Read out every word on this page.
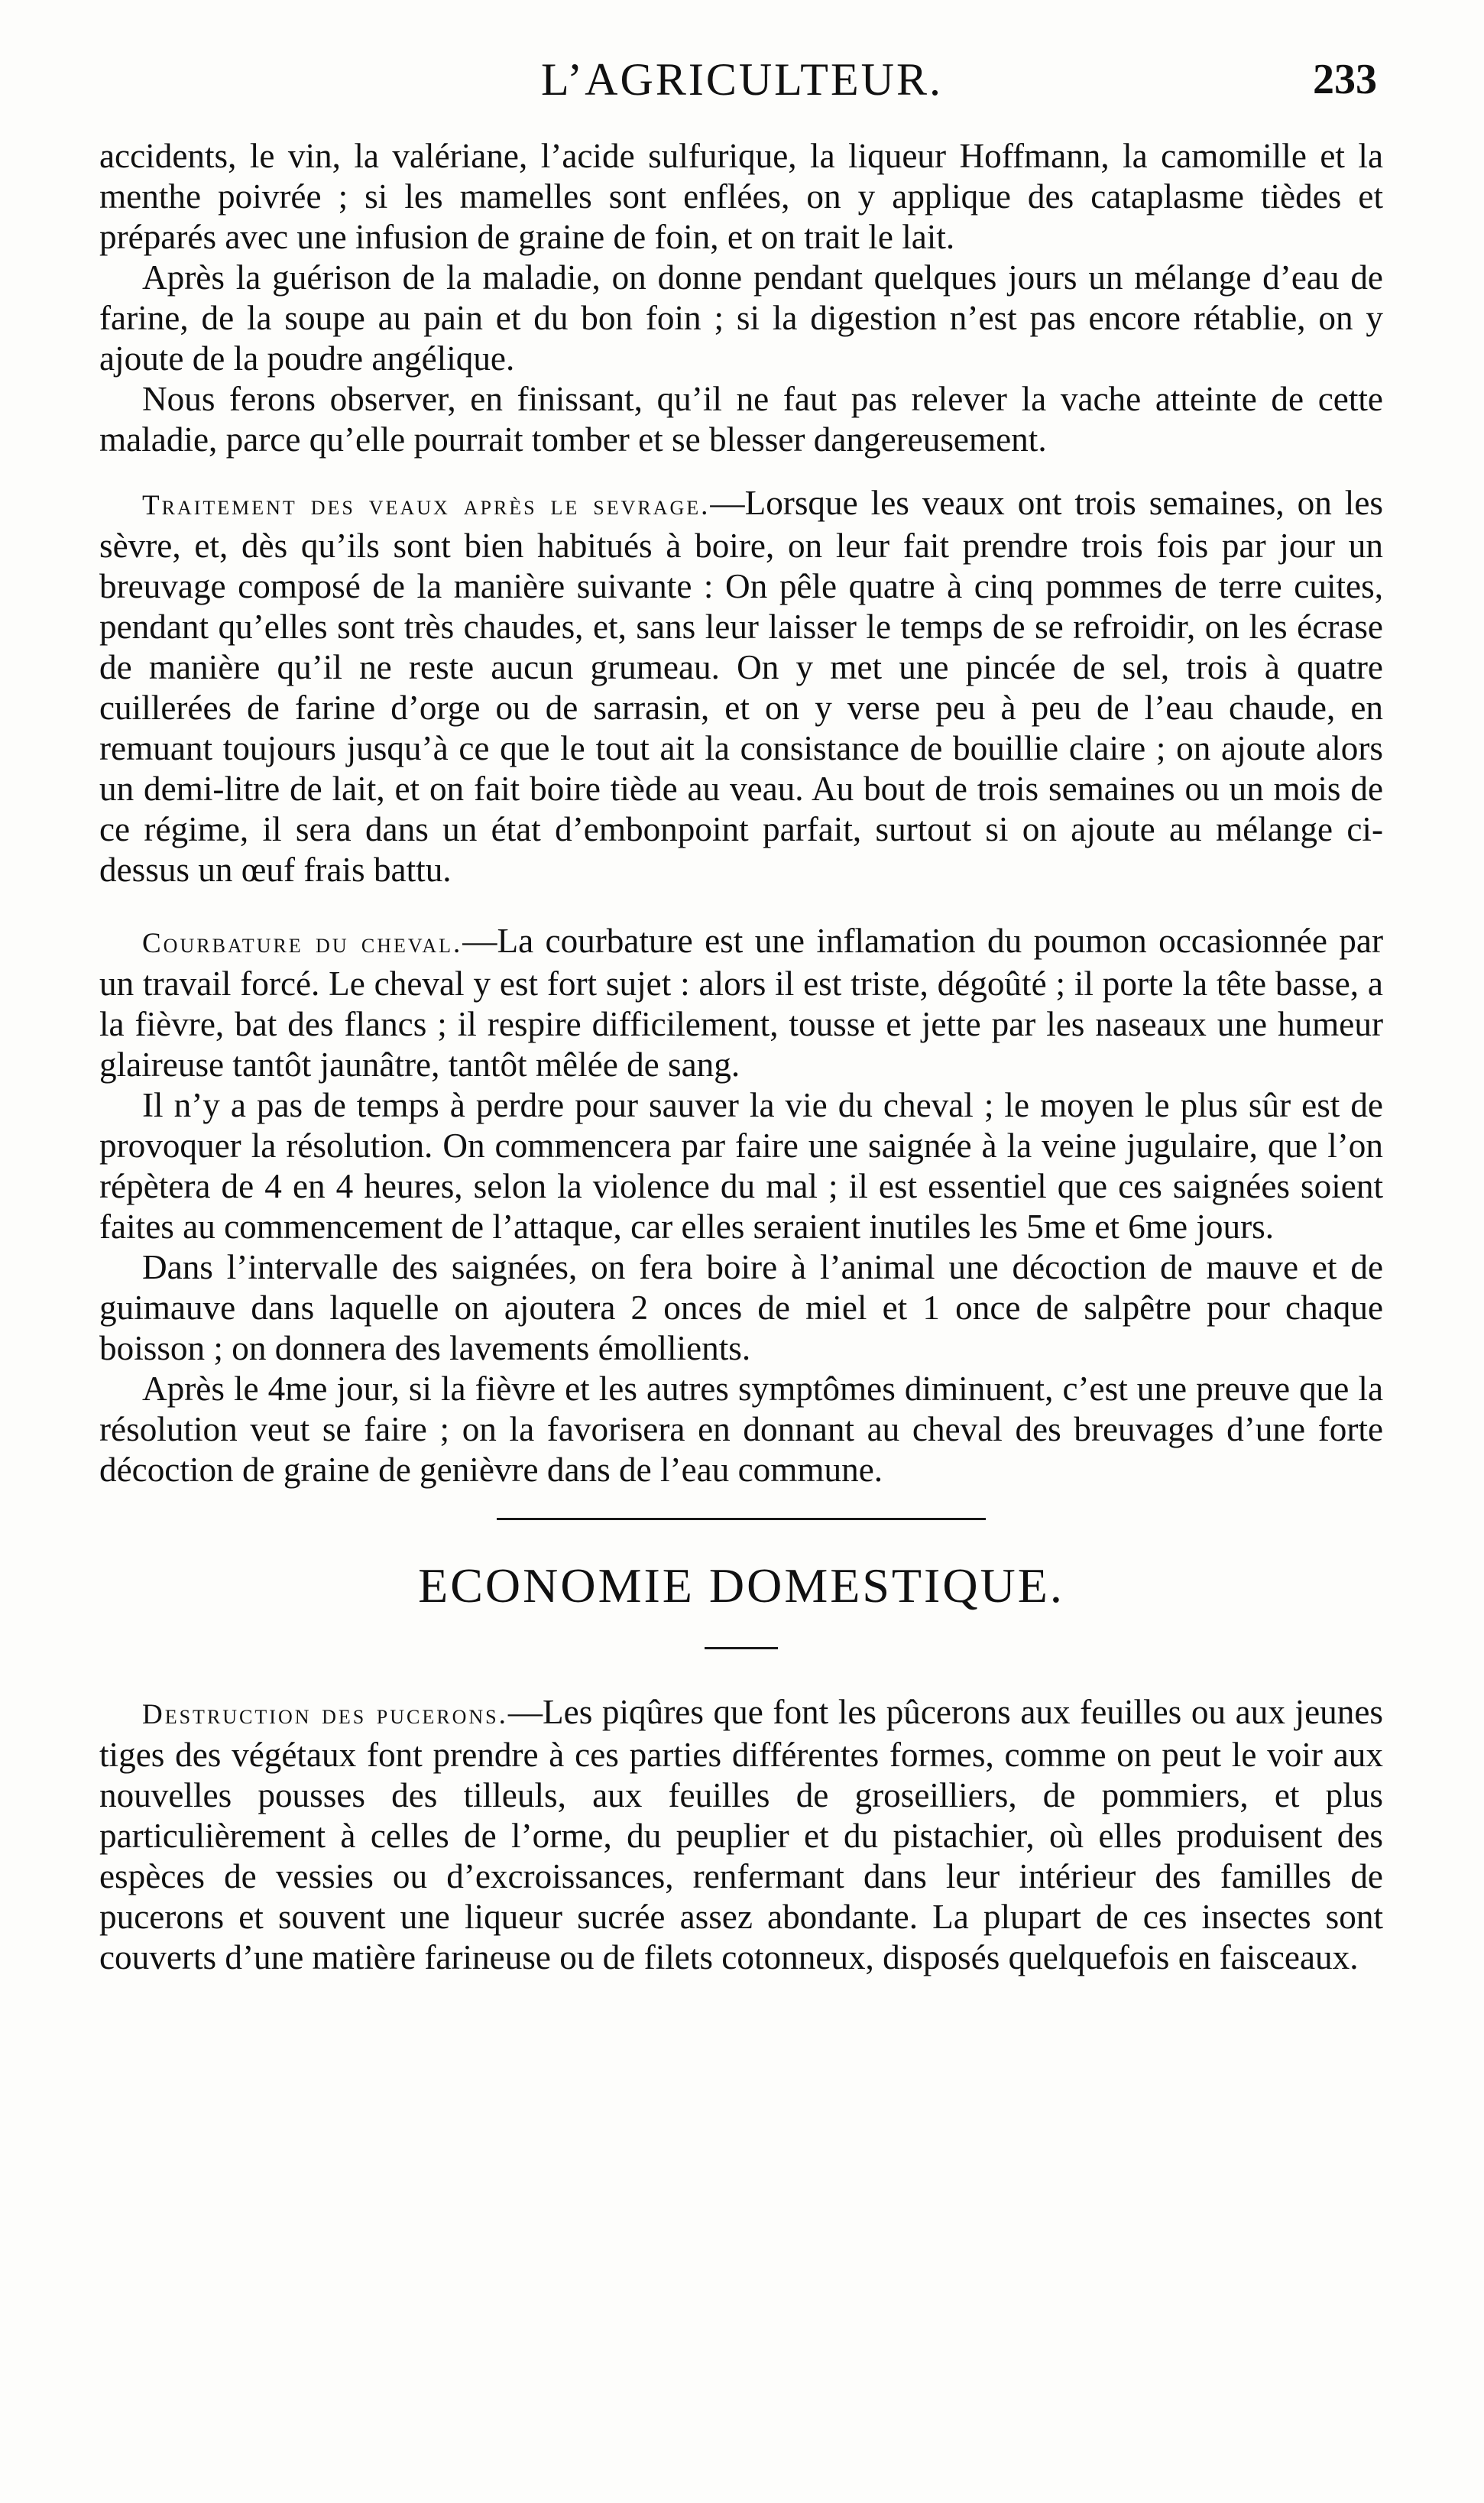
L’AGRICULTEUR.	233

accidents, le vin, la valériane, l’acide sulfurique, la liqueur Hoffmann, la camomille et la menthe poivrée ; si les mamelles sont enflées, on y applique des cataplasme tièdes et préparés avec une infusion de graine de foin, et on trait le lait.

Après la guérison de la maladie, on donne pendant quelques jours un mélange d’eau de farine, de la soupe au pain et du bon foin ; si la digestion n’est pas encore rétablie, on y ajoute de la poudre angélique.

Nous ferons observer, en finissant, qu’il ne faut pas relever la vache atteinte de cette maladie, parce qu’elle pourrait tomber et se blesser dangereusement.

Traitement des veaux après le sevrage.—Lorsque les veaux ont trois semaines, on les sèvre, et, dès qu’ils sont bien habitués à boire, on leur fait prendre trois fois par jour un breuvage composé de la manière suivante : On pêle quatre à cinq pommes de terre cuites, pendant qu’elles sont très chaudes, et, sans leur laisser le temps de se refroidir, on les écrase de manière qu’il ne reste aucun grumeau. On y met une pincée de sel, trois à quatre cuillerées de farine d’orge ou de sarrasin, et on y verse peu à peu de l’eau chaude, en remuant toujours jusqu’à ce que le tout ait la consistance de bouillie claire ; on ajoute alors un demi-litre de lait, et on fait boire tiède au veau. Au bout de trois semaines ou un mois de ce régime, il sera dans un état d’embonpoint parfait, surtout si on ajoute au mélange ci-dessus un œuf frais battu.

Courbature du cheval.—La courbature est une inflamation du poumon occasionnée par un travail forcé. Le cheval y est fort sujet : alors il est triste, dégoûté ; il porte la tête basse, a la fièvre, bat des flancs ; il respire difficilement, tousse et jette par les naseaux une humeur glaireuse tantôt jaunâtre, tantôt mêlée de sang.

Il n’y a pas de temps à perdre pour sauver la vie du cheval ; le moyen le plus sûr est de provoquer la résolution. On commencera par faire une saignée à la veine jugulaire, que l’on répètera de 4 en 4 heures, selon la violence du mal ; il est essentiel que ces saignées soient faites au commencement de l’attaque, car elles seraient inutiles les 5me et 6me jours.

Dans l’intervalle des saignées, on fera boire à l’animal une décoction de mauve et de guimauve dans laquelle on ajoutera 2 onces de miel et 1 once de salpêtre pour chaque boisson ; on donnera des lavements émollients.

Après le 4me jour, si la fièvre et les autres symptômes diminuent, c’est une preuve que la résolution veut se faire ; on la favorisera en donnant au cheval des breuvages d’une forte décoction de graine de genièvre dans de l’eau commune.

ECONOMIE DOMESTIQUE.

Destruction des pucerons.—Les piqûres que font les pûcerons aux feuilles ou aux jeunes tiges des végétaux font prendre à ces parties différentes formes, comme on peut le voir aux nouvelles pousses des tilleuls, aux feuilles de groseilliers, de pommiers, et plus particulièrement à celles de l’orme, du peuplier et du pistachier, où elles produisent des espèces de vessies ou d’excroissances, renfermant dans leur intérieur des familles de pucerons et souvent une liqueur sucrée assez abondante. La plupart de ces insectes sont couverts d’une matière farineuse ou de filets cotonneux, disposés quelquefois en faisceaux.
